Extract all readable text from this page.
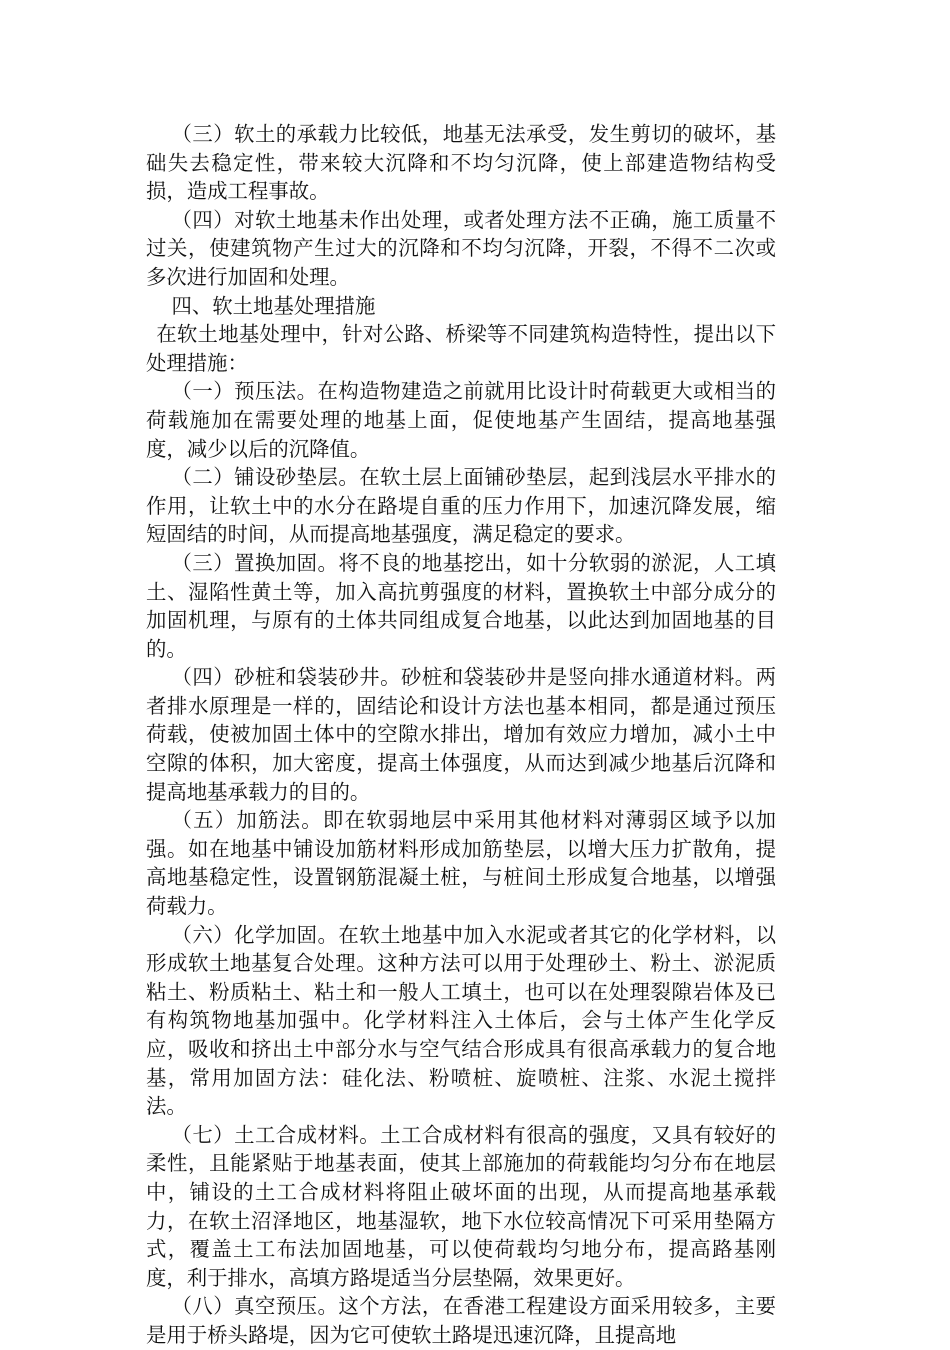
（三）软土的承载力比较低，地基无法承受，发生剪切的破坏，基础失去稳定性，带来较大沉降和不均匀沉降，使上部建造物结构受损，造成工程事故。

（四）对软土地基未作出处理，或者处理方法不正确，施工质量不过关，使建筑物产生过大的沉降和不均匀沉降，开裂，不得不二次或多次进行加固和处理。

四、软土地基处理措施

在软土地基处理中，针对公路、桥梁等不同建筑构造特性，提出以下处理措施：

（一）预压法。在构造物建造之前就用比设计时荷载更大或相当的荷载施加在需要处理的地基上面，促使地基产生固结，提高地基强度，减少以后的沉降值。

（二）铺设砂垫层。在软土层上面铺砂垫层，起到浅层水平排水的作用，让软土中的水分在路堤自重的压力作用下，加速沉降发展，缩短固结的时间，从而提高地基强度，满足稳定的要求。

（三）置换加固。将不良的地基挖出，如十分软弱的淤泥，人工填土、湿陷性黄土等，加入高抗剪强度的材料，置换软土中部分成分的加固机理，与原有的土体共同组成复合地基，以此达到加固地基的目的。

（四）砂桩和袋装砂井。砂桩和袋装砂井是竖向排水通道材料。两者排水原理是一样的，固结论和设计方法也基本相同，都是通过预压荷载，使被加固土体中的空隙水排出，增加有效应力增加，减小土中空隙的体积，加大密度，提高土体强度，从而达到减少地基后沉降和提高地基承载力的目的。

（五）加筋法。即在软弱地层中采用其他材料对薄弱区域予以加强。如在地基中铺设加筋材料形成加筋垫层，以增大压力扩散角，提高地基稳定性，设置钢筋混凝土桩，与桩间土形成复合地基，以增强荷载力。

（六）化学加固。在软土地基中加入水泥或者其它的化学材料，以形成软土地基复合处理。这种方法可以用于处理砂土、粉土、淤泥质粘土、粉质粘土、粘土和一般人工填土，也可以在处理裂隙岩体及已有构筑物地基加强中。化学材料注入土体后，会与土体产生化学反应，吸收和挤出土中部分水与空气结合形成具有很高承载力的复合地基，常用加固方法：硅化法、粉喷桩、旋喷桩、注浆、水泥土搅拌法。

（七）土工合成材料。土工合成材料有很高的强度，又具有较好的柔性，且能紧贴于地基表面，使其上部施加的荷载能均匀分布在地层中，铺设的土工合成材料将阻止破坏面的出现，从而提高地基承载力，在软土沼泽地区，地基湿软，地下水位较高情况下可采用垫隔方式，覆盖土工布法加固地基，可以使荷载均匀地分布，提高路基刚度，利于排水，高填方路堤适当分层垫隔，效果更好。

（八）真空预压。这个方法，在香港工程建设方面采用较多，主要是用于桥头路堤，因为它可使软土路堤迅速沉降，且提高地
